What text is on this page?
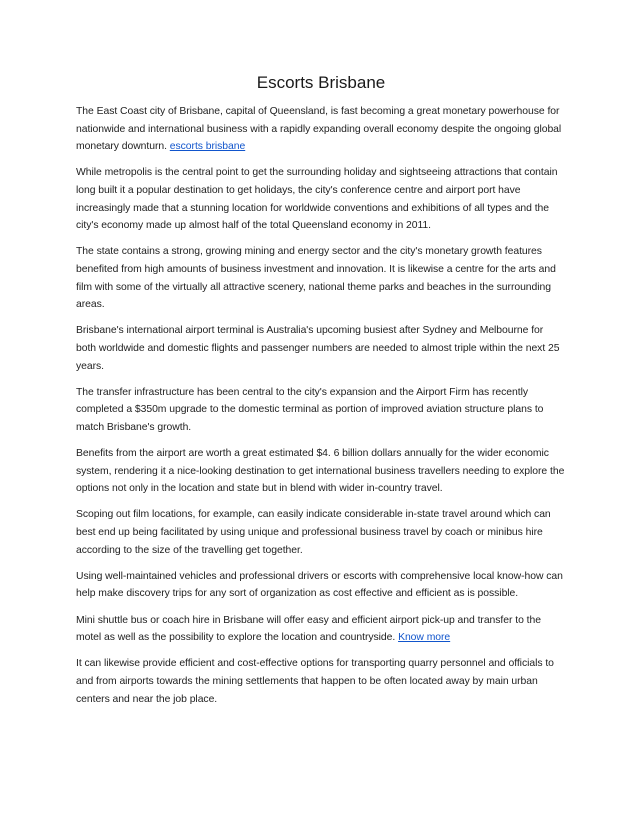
Escorts Brisbane

The East Coast city of Brisbane, capital of Queensland, is fast becoming a great monetary powerhouse for nationwide and international business with a rapidly expanding overall economy despite the ongoing global monetary downturn. escorts brisbane

While metropolis is the central point to get the surrounding holiday and sightseeing attractions that contain long built it a popular destination to get holidays, the city's conference centre and airport port have increasingly made that a stunning location for worldwide conventions and exhibitions of all types and the city's economy made up almost half of the total Queensland economy in 2011.

The state contains a strong, growing mining and energy sector and the city's monetary growth features benefited from high amounts of business investment and innovation. It is likewise a centre for the arts and film with some of the virtually all attractive scenery, national theme parks and beaches in the surrounding areas.

Brisbane's international airport terminal is Australia's upcoming busiest after Sydney and Melbourne for both worldwide and domestic flights and passenger numbers are needed to almost triple within the next 25 years.

The transfer infrastructure has been central to the city's expansion and the Airport Firm has recently completed a $350m upgrade to the domestic terminal as portion of improved aviation structure plans to match Brisbane's growth.

Benefits from the airport are worth a great estimated $4. 6 billion dollars annually for the wider economic system, rendering it a nice-looking destination to get international business travellers needing to explore the options not only in the location and state but in blend with wider in-country travel.

Scoping out film locations, for example, can easily indicate considerable in-state travel around which can best end up being facilitated by using unique and professional business travel by coach or minibus hire according to the size of the travelling get together.

Using well-maintained vehicles and professional drivers or escorts with comprehensive local know-how can help make discovery trips for any sort of organization as cost effective and efficient as is possible.

Mini shuttle bus or coach hire in Brisbane will offer easy and efficient airport pick-up and transfer to the motel as well as the possibility to explore the location and countryside. Know more

It can likewise provide efficient and cost-effective options for transporting quarry personnel and officials to and from airports towards the mining settlements that happen to be often located away by main urban centers and near the job place.
